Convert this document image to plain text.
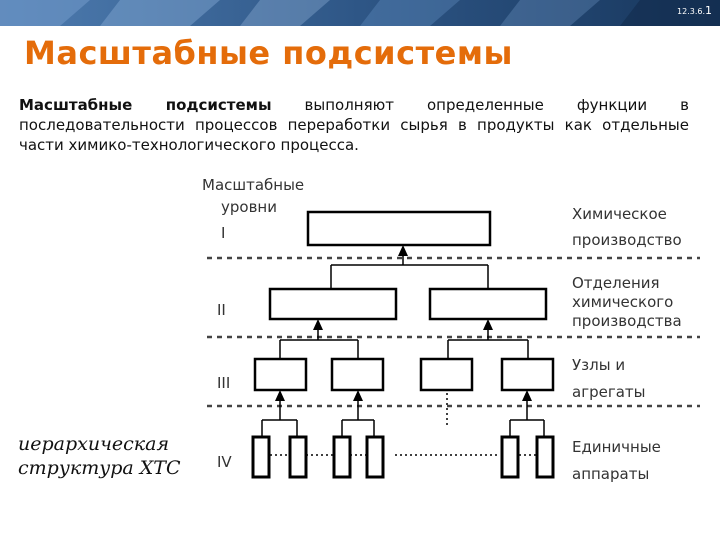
12.3.6.1
Масштабные подсистемы
Масштабные подсистемы выполняют определенные функции в последовательности процессов переработки сырья в продукты как отдельные части химико-технологического процесса.
Масштабные
уровни
I
II
III
IV
Химическое
производство
Отделения
химического
производства
Узлы и
агрегаты
Единичные
аппараты
иерархическая структура ХТС
